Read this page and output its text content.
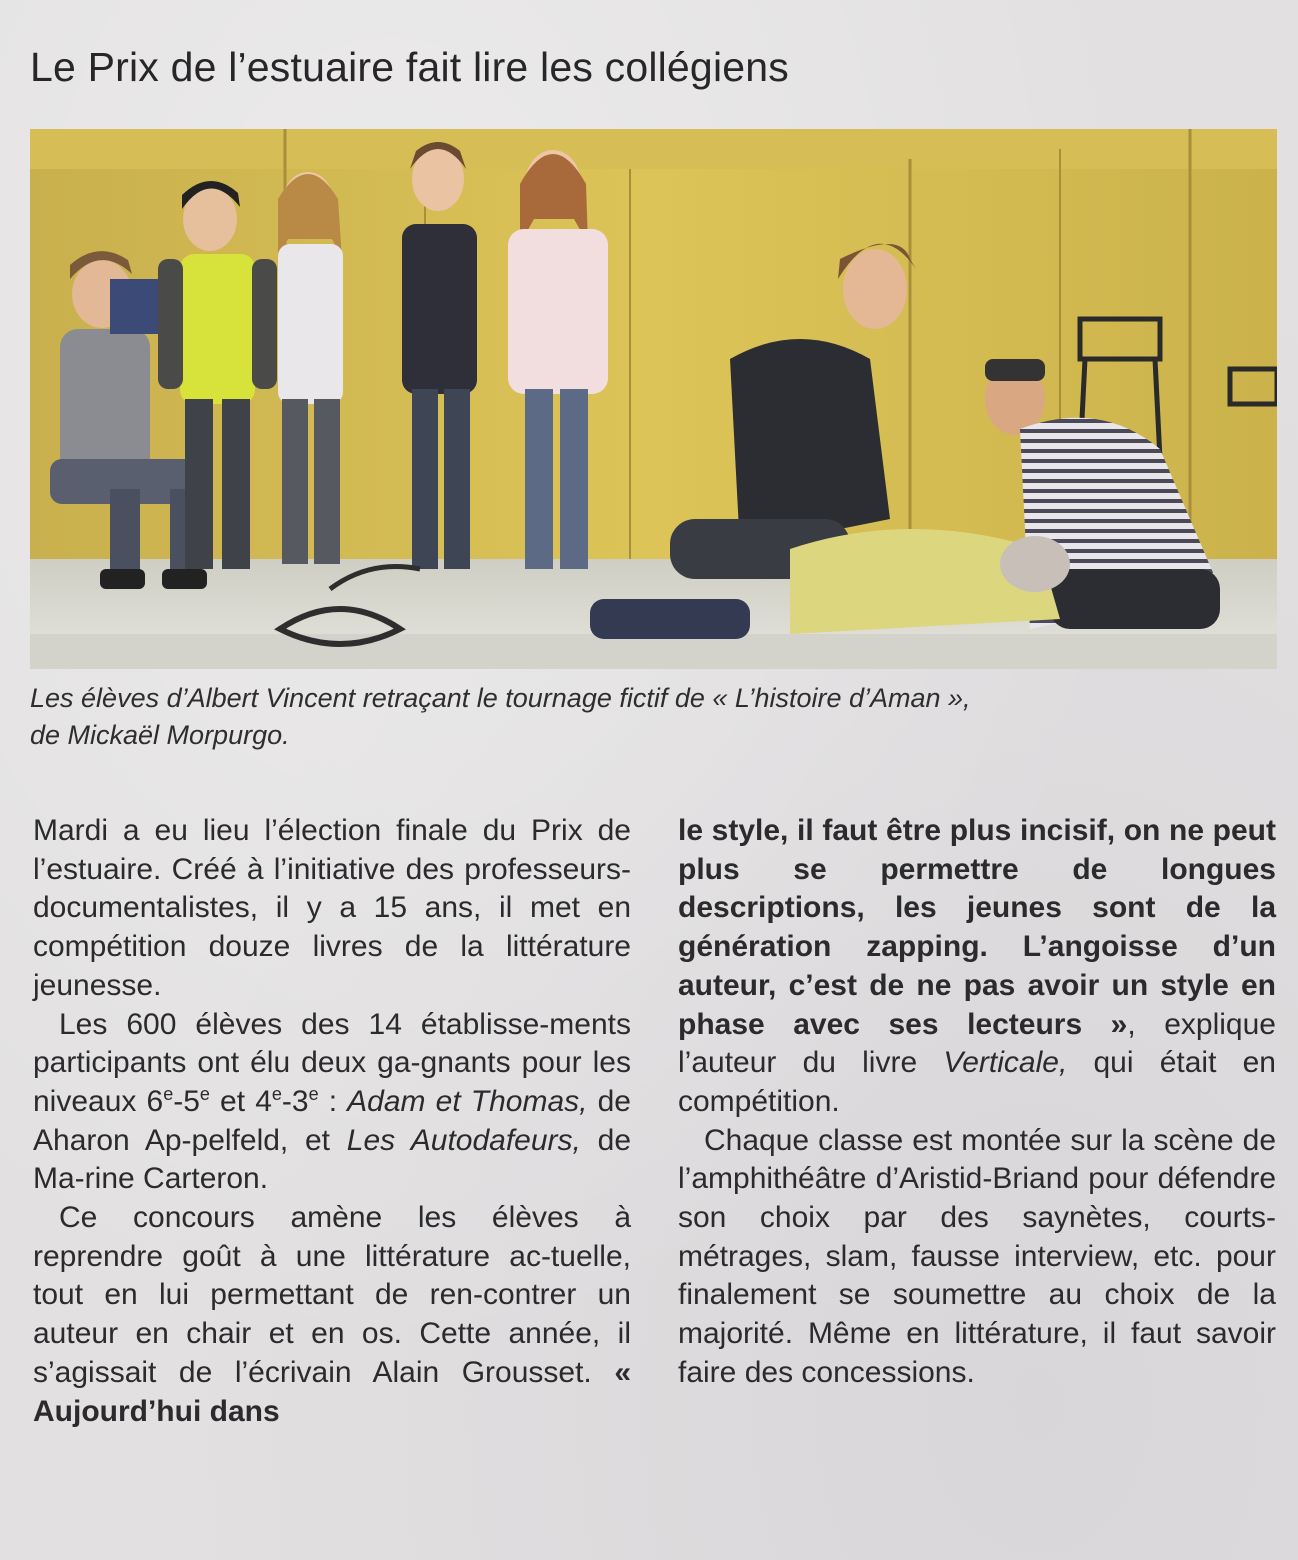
Le Prix de l’estuaire fait lire les collégiens

Les élèves d’Albert Vincent retraçant le tournage fictif de « L’histoire d’Aman »,
de Mickaël Morpurgo.

Mardi a eu lieu l’élection finale du Prix de l’estuaire. Créé à l’initiative des professeurs-documentalistes, il y a 15 ans, il met en compétition douze livres de la littérature jeunesse.

Les 600 élèves des 14 établisse-ments participants ont élu deux ga-gnants pour les niveaux 6e-5e et 4e-3e : Adam et Thomas, de Aharon Ap-pelfeld, et Les Autodafeurs, de Ma-rine Carteron.

Ce concours amène les élèves à reprendre goût à une littérature ac-tuelle, tout en lui permettant de ren-contrer un auteur en chair et en os. Cette année, il s’agissait de l’écrivain Alain Grousset. « Aujourd’hui dans

le style, il faut être plus incisif, on ne peut plus se permettre de longues descriptions, les jeunes sont de la génération zapping. L’angoisse d’un auteur, c’est de ne pas avoir un style en phase avec ses lecteurs », explique l’auteur du livre Verticale, qui était en compétition.

Chaque classe est montée sur la scène de l’amphithéâtre d’Aristid-Briand pour défendre son choix par des saynètes, courts-métrages, slam, fausse interview, etc. pour finalement se soumettre au choix de la majorité. Même en littérature, il faut savoir faire des concessions.
